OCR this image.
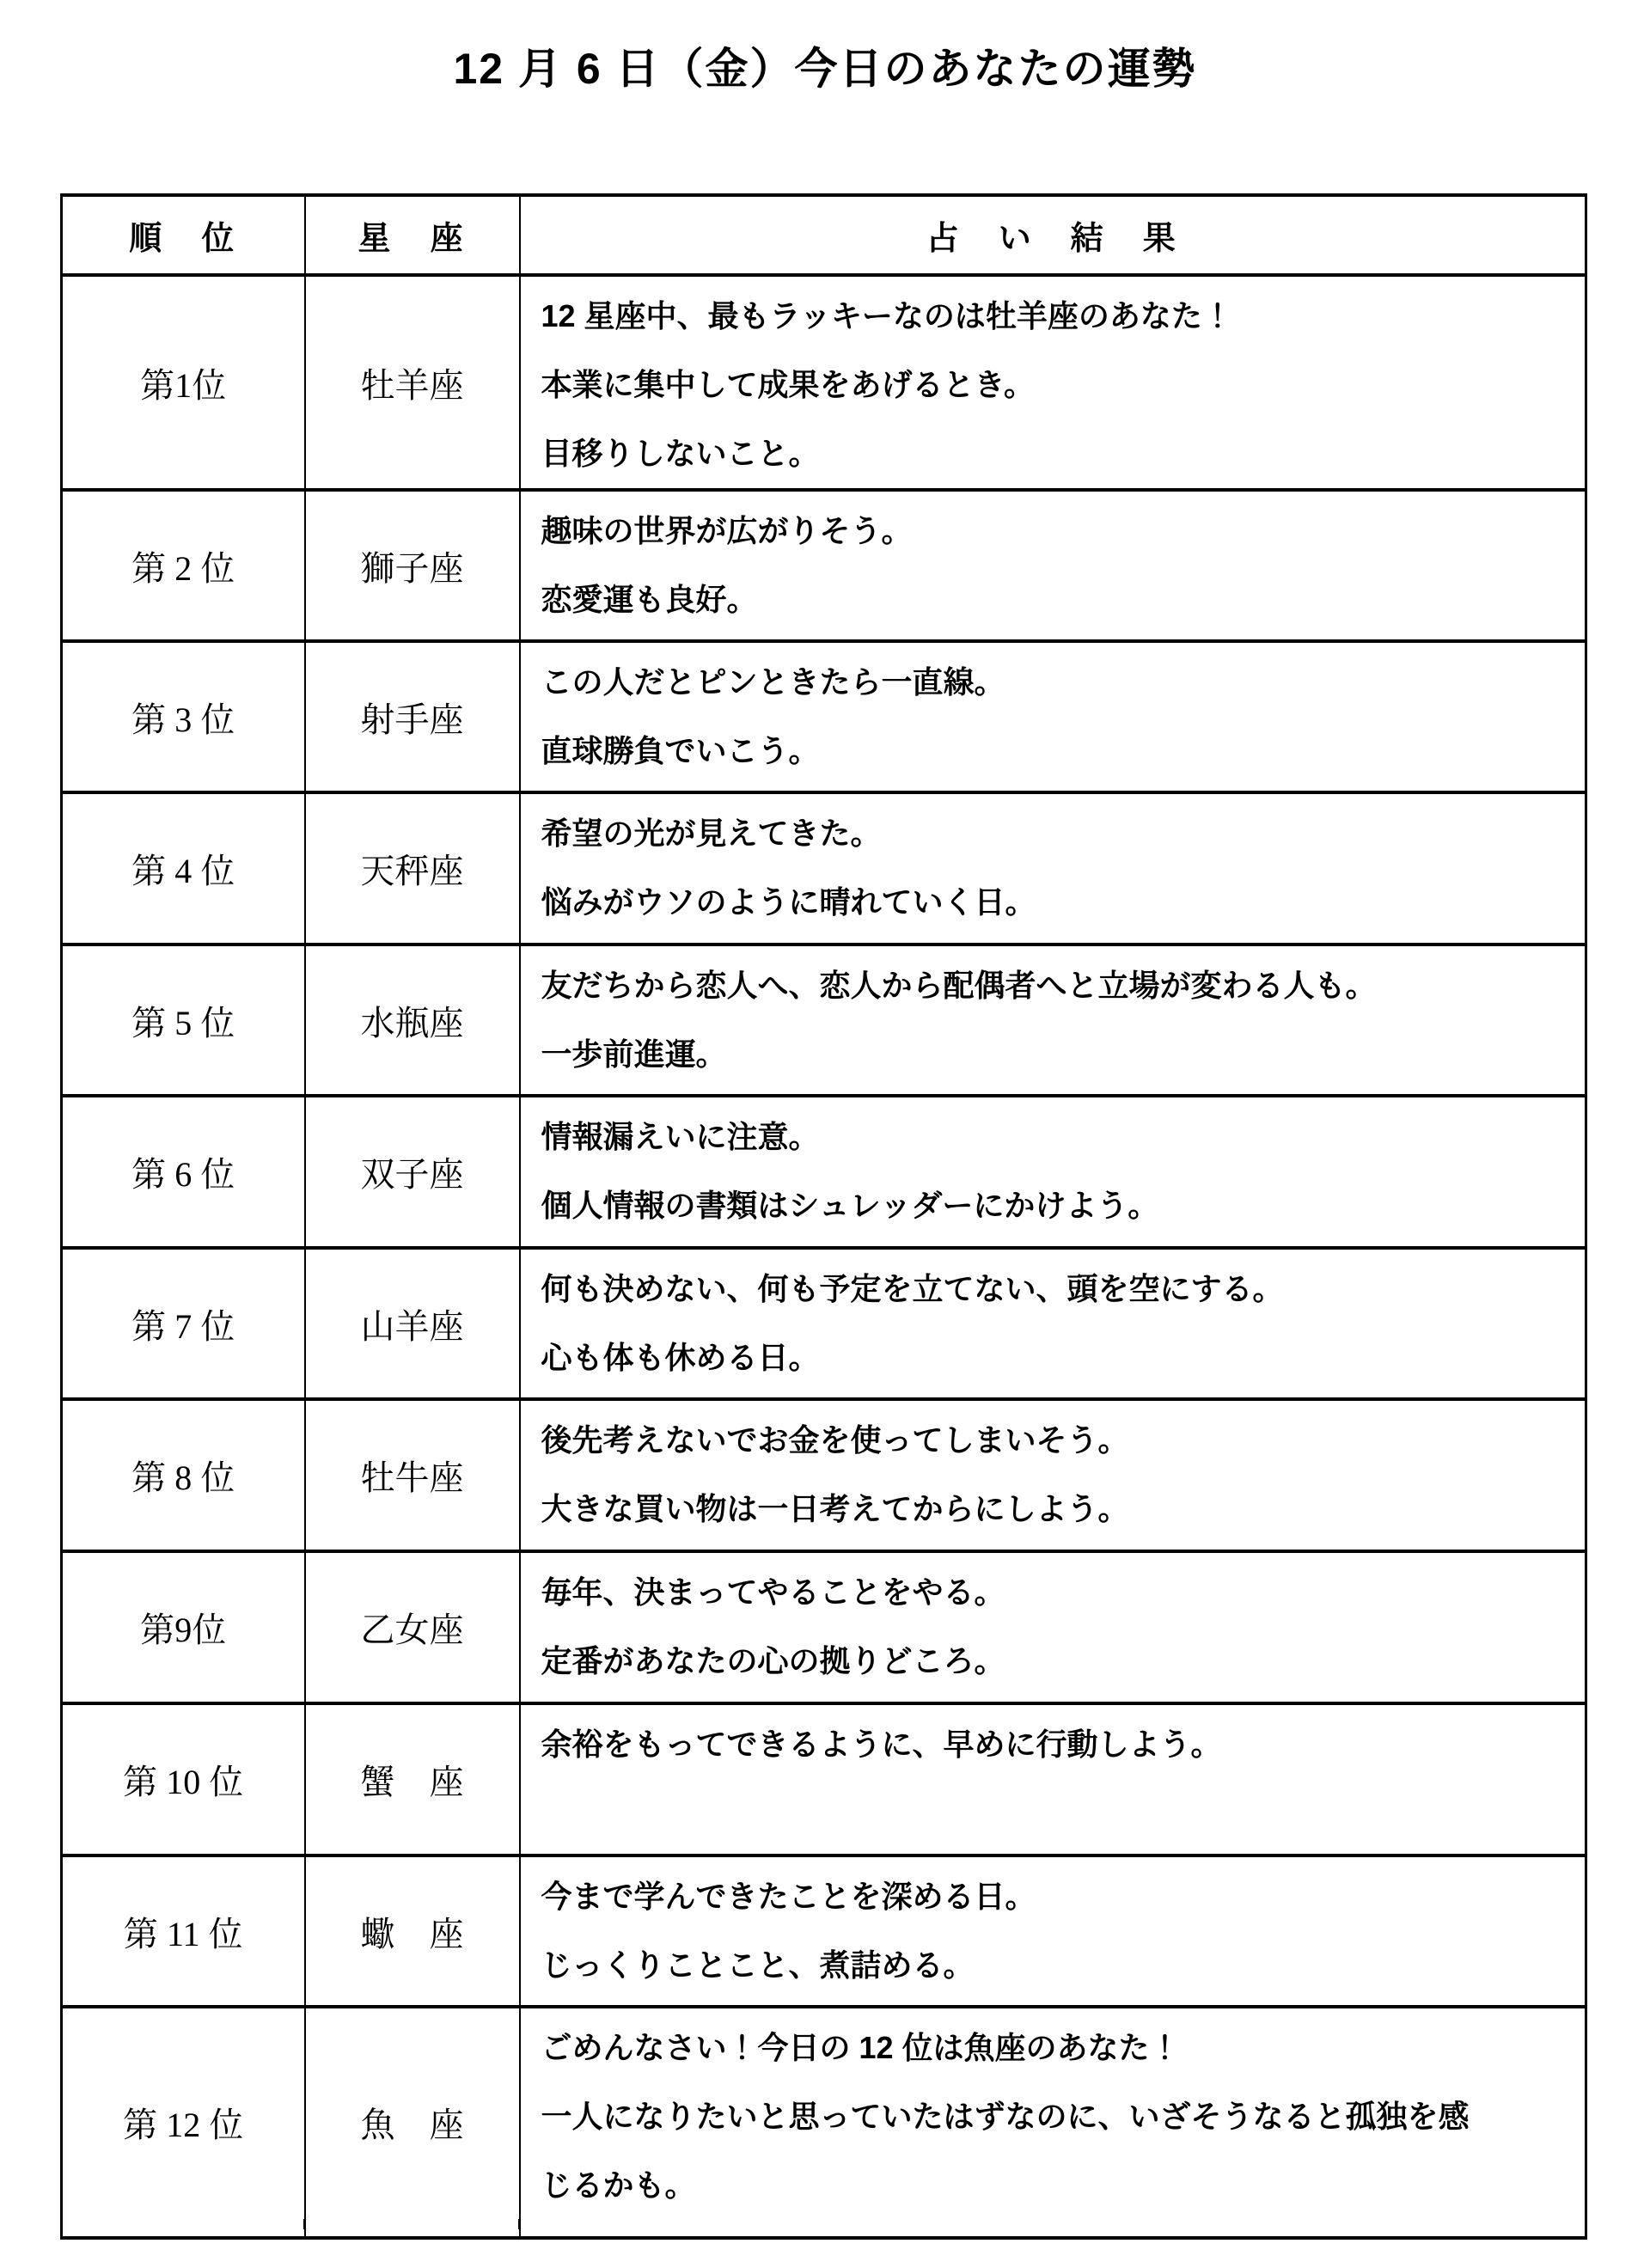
12 月 6 日（金）今日のあなたの運勢
順　位	星　座	占　い　結　果
第1位	牡羊座	12 星座中、最もラッキーなのは牡羊座のあなた！
本業に集中して成果をあげるとき。
目移りしないこと。

第 2 位	獅子座	趣味の世界が広がりそう。
恋愛運も良好。

第 3 位	射手座	この人だとピンときたら一直線。
直球勝負でいこう。

第 4 位	天秤座	希望の光が見えてきた。
悩みがウソのように晴れていく日。

第 5 位	水瓶座	友だちから恋人へ、恋人から配偶者へと立場が変わる人も。
一歩前進運。

第 6 位	双子座	情報漏えいに注意。
個人情報の書類はシュレッダーにかけよう。

第 7 位	山羊座	何も決めない、何も予定を立てない、頭を空にする。
心も体も休める日。

第 8 位	牡牛座	後先考えないでお金を使ってしまいそう。
大きな買い物は一日考えてからにしよう。

第9位	乙女座	毎年、決まってやることをやる。
定番があなたの心の拠りどころ。

第 10 位	蟹　座	余裕をもってできるように、早めに行動しよう。

第 11 位	蠍　座	今まで学んできたことを深める日。
じっくりことこと、煮詰める。

第 12 位	魚　座	ごめんなさい！今日の 12 位は魚座のあなた！
一人になりたいと思っていたはずなのに、いざそうなると孤独を感
じるかも。
